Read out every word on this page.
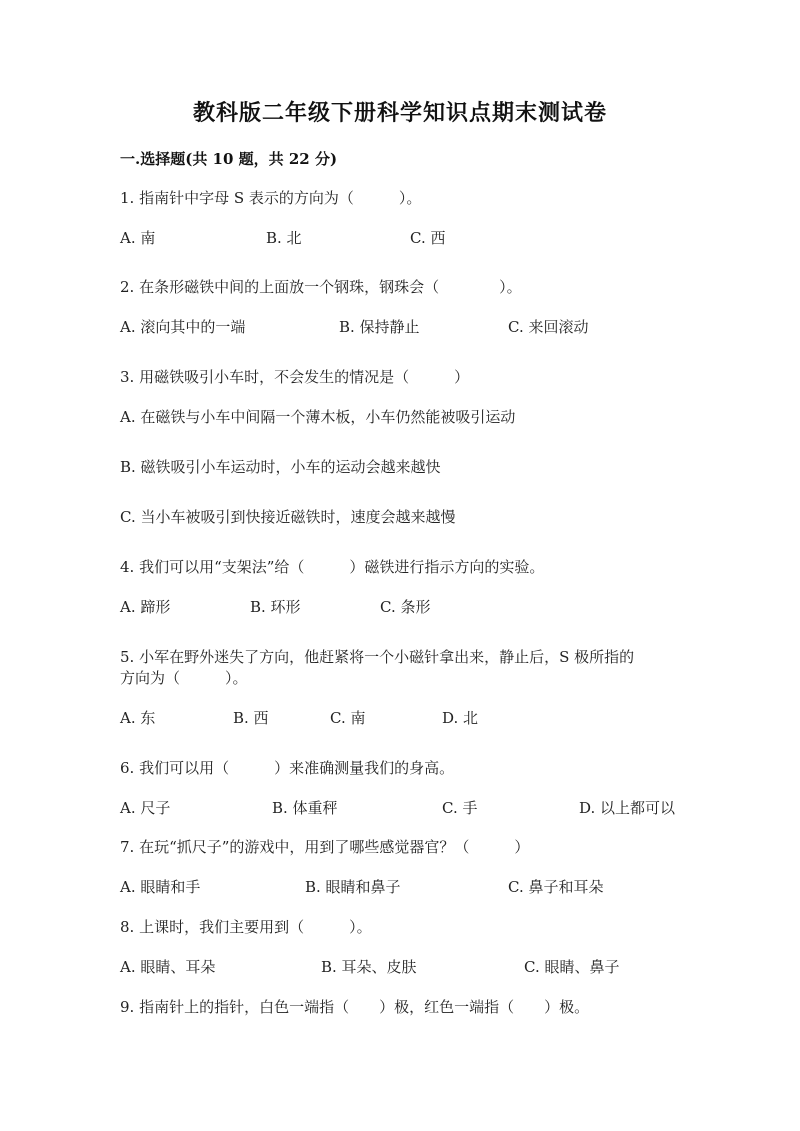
教科版二年级下册科学知识点期末测试卷
一.选择题(共 10 题，共 22 分)
1. 指南针中字母 S 表示的方向为（　　　）。
A. 南	B. 北	C. 西
2. 在条形磁铁中间的上面放一个钢珠，钢珠会（　　　　）。
A. 滚向其中的一端	B. 保持静止	C. 来回滚动
3. 用磁铁吸引小车时，不会发生的情况是（　　　）
A. 在磁铁与小车中间隔一个薄木板，小车仍然能被吸引运动
B. 磁铁吸引小车运动时，小车的运动会越来越快
C. 当小车被吸引到快接近磁铁时，速度会越来越慢
4. 我们可以用“支架法”给（　　　）磁铁进行指示方向的实验。
A. 蹄形	B. 环形	C. 条形
5. 小军在野外迷失了方向，他赶紧将一个小磁针拿出来，静止后，S 极所指的
方向为（　　　）。
A. 东	B. 西	C. 南	D. 北
6. 我们可以用（　　　）来准确测量我们的身高。
A. 尺子	B. 体重秤	C. 手	D. 以上都可以
7. 在玩“抓尺子”的游戏中，用到了哪些感觉器官？（　　　）
A. 眼睛和手	B. 眼睛和鼻子	C. 鼻子和耳朵
8. 上课时，我们主要用到（　　　）。
A. 眼睛、耳朵	B. 耳朵、皮肤	C. 眼睛、鼻子
9. 指南针上的指针，白色一端指（　　）极，红色一端指（　　）极。
